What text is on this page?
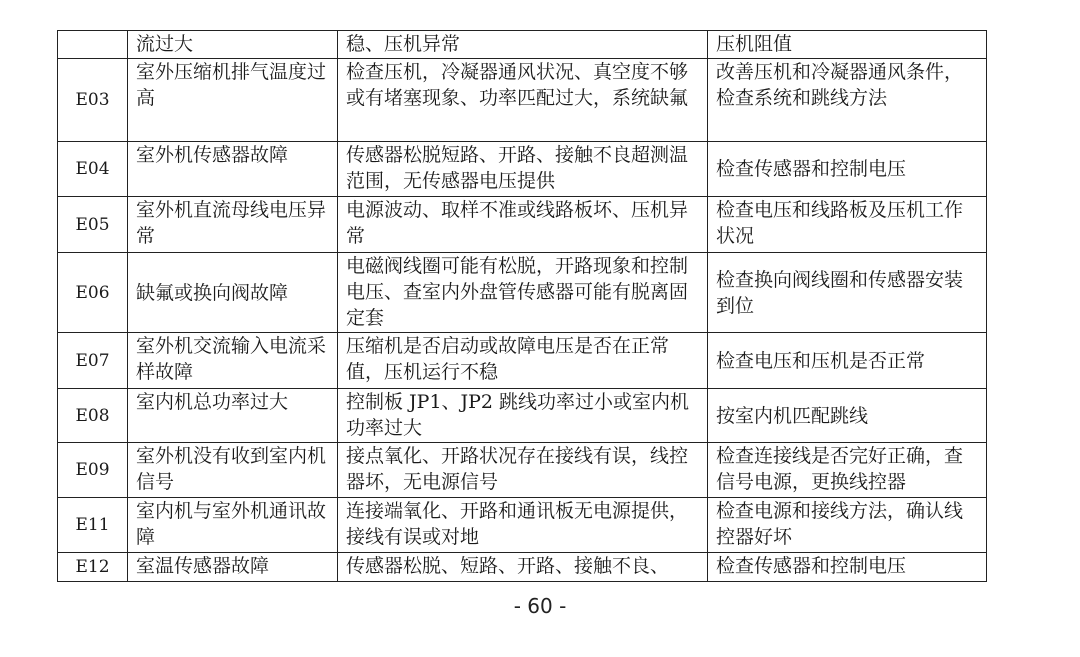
	流过大	稳、压机异常	压机阻值
E03	室外压缩机排气温度过高	检查压机，冷凝器通风状况、真空度不够或有堵塞现象、功率匹配过大，系统缺氟	改善压机和冷凝器通风条件，检查系统和跳线方法
E04	室外机传感器故障	传感器松脱短路、开路、接触不良超测温范围，无传感器电压提供	检查传感器和控制电压
E05	室外机直流母线电压异常	电源波动、取样不准或线路板坏、压机异常	检查电压和线路板及压机工作状况
E06	缺氟或换向阀故障	电磁阀线圈可能有松脱，开路现象和控制电压、查室内外盘管传感器可能有脱离固定套	检查换向阀线圈和传感器安装到位
E07	室外机交流输入电流采样故障	压缩机是否启动或故障电压是否在正常值，压机运行不稳	检查电压和压机是否正常
E08	室内机总功率过大	控制板 JP1、JP2 跳线功率过小或室内机功率过大	按室内机匹配跳线
E09	室外机没有收到室内机信号	接点氧化、开路状况存在接线有误，线控器坏，无电源信号	检查连接线是否完好正确，查信号电源，更换线控器
E11	室内机与室外机通讯故障	连接端氧化、开路和通讯板无电源提供，接线有误或对地	检查电源和接线方法，确认线控器好坏
E12	室温传感器故障	传感器松脱、短路、开路、接触不良、	检查传感器和控制电压
- 60 -
